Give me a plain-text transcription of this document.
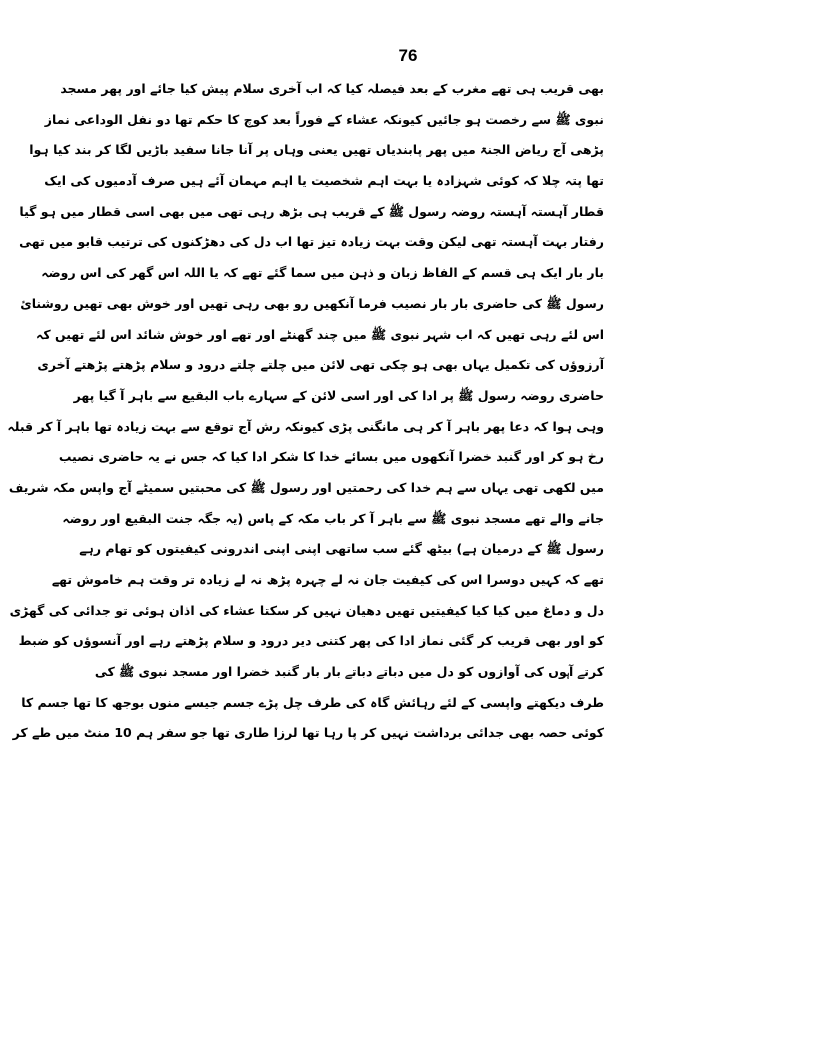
76
بھی قریب ہی تھے مغرب کے بعد فیصلہ کیا کہ اب آخری سلام پیش کیا جائے اور پھر مسجد
نبوی ﷺ سے رخصت ہو جائیں کیونکہ عشاء کے فوراً بعد کوچ کا حکم تھا دو نفل الوداعی نماز
پڑھی آج ریاض الجنۃ میں پھر پابندیاں تھیں یعنی وہاں پر آنا جانا سفید باڑیں لگا کر بند کیا ہوا
تھا پتہ چلا کہ کوئی شہزادہ یا بہت اہم شخصیت یا اہم مہمان آئے ہیں صرف آدمیوں کی ایک
قطار آہستہ آہستہ روضہ رسول ﷺ کے قریب ہی بڑھ رہی تھی میں بھی اسی قطار میں ہو گیا
رفتار بہت آہستہ تھی لیکن وقت بہت زیادہ تیز تھا اب دل کی دھڑکنوں کی ترتیب قابو میں تھی
بار بار ایک ہی قسم کے الفاظ زبان و ذہن میں سما گئے تھے کہ یا اللہ اس گھر کی اس روضہ
رسول ﷺ کی حاضری بار بار نصیب فرما آنکھیں رو بھی رہی تھیں اور خوش بھی تھیں روشنائ
اس لئے رہی تھیں کہ اب شہر نبوی ﷺ میں چند گھنٹے اور تھے اور خوش شائد اس لئے تھیں کہ
آرزوؤں کی تکمیل یہاں بھی ہو چکی تھی لائن میں چلتے چلتے درود و سلام پڑھتے پڑھتے آخری
حاضری روضہ رسول ﷺ پر ادا کی اور اسی لائن کے سہارے باب البقیع سے باہر آ گیا پھر
وہی ہوا کہ دعا پھر باہر آ کر ہی مانگنی پڑی کیونکہ رش آج توقع سے بہت زیادہ تھا باہر آ کر قبلہ
رخ ہو کر اور گنبد خضرا آنکھوں میں بسائے خدا کا شکر ادا کیا کہ جس نے یہ حاضری نصیب
میں لکھی تھی یہاں سے ہم خدا کی رحمتیں اور رسول ﷺ کی محبتیں سمیٹے آج واپس مکہ شریف
جانے والے تھے مسجد نبوی ﷺ سے باہر آ کر باب مکہ کے پاس (یہ جگہ جنت البقیع اور روضہ
رسول ﷺ کے درمیان ہے) بیٹھ گئے سب ساتھی اپنی اپنی اندرونی کیفیتوں کو تھام رہے
تھے کہ کہیں دوسرا اس کی کیفیت جان نہ لے چہرہ پڑھ نہ لے زیادہ تر وقت ہم خاموش تھے
دل و دماغ میں کیا کیا کیفیتیں تھیں دھیان نہیں کر سکتا عشاء کی اذان ہوئی تو جدائی کی گھڑی
کو اور بھی قریب کر گئی نماز ادا کی پھر کتنی دیر درود و سلام پڑھتے رہے اور آنسوؤں کو ضبط
کرتے آہوں کی آوازوں کو دل میں دباتے دباتے بار بار گنبد خضرا اور مسجد نبوی ﷺ کی
طرف دیکھتے واپسی کے لئے رہائش گاہ کی طرف چل پڑے جسم جیسے منوں بوجھ کا تھا جسم کا
کوئی حصہ بھی جدائی برداشت نہیں کر پا رہا تھا لرزا طاری تھا جو سفر ہم 10 منٹ میں طے کر
